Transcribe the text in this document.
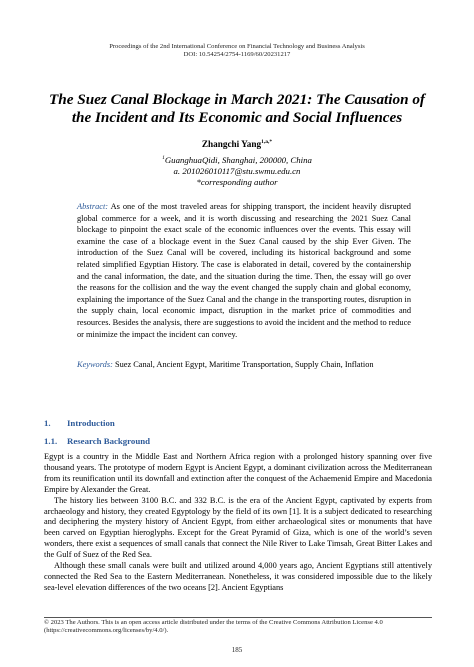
Proceedings of the 2nd International Conference on Financial Technology and Business Analysis
DOI: 10.54254/2754-1169/60/20231217
The Suez Canal Blockage in March 2021: The Causation of
the Incident and Its Economic and Social Influences
Zhangchi Yang$^{1,a,*}$
$^1$GuanghuaQidi, Shanghai, 200000, China
a. 201026010117@stu.swmu.edu.cn
*corresponding author
Abstract: As one of the most traveled areas for shipping transport, the incident heavily disrupted global commerce for a week, and it is worth discussing and researching the 2021 Suez Canal blockage to pinpoint the exact scale of the economic influences over the events. This essay will examine the case of a blockage event in the Suez Canal caused by the ship Ever Given. The introduction of the Suez Canal will be covered, including its historical background and some related simplified Egyptian History. The case is elaborated in detail, covered by the containership and the canal information, the date, and the situation during the time. Then, the essay will go over the reasons for the collision and the way the event changed the supply chain and global economy, explaining the importance of the Suez Canal and the change in the transporting routes, disruption in the supply chain, local economic impact, disruption in the market price of commodities and resources. Besides the analysis, there are suggestions to avoid the incident and the method to reduce or minimize the impact the incident can convey.
Keywords: Suez Canal, Ancient Egypt, Maritime Transportation, Supply Chain, Inflation
1. Introduction
1.1. Research Background

Egypt is a country in the Middle East and Northern Africa region with a prolonged history spanning over five thousand years. The prototype of modern Egypt is Ancient Egypt, a dominant civilization across the Mediterranean from its reunification until its downfall and extinction after the conquest of the Achaemenid Empire and Macedonia Empire by Alexander the Great.

The history lies between 3100 B.C. and 332 B.C. is the era of the Ancient Egypt, captivated by experts from archaeology and history, they created Egyptology by the field of its own [1]. It is a subject dedicated to researching and deciphering the mystery history of Ancient Egypt, from either archaeological sites or monuments that have been carved on Egyptian hieroglyphs. Except for the Great Pyramid of Giza, which is one of the world’s seven wonders, there exist a sequences of small canals that connect the Nile River to Lake Timsah, Great Bitter Lakes and the Gulf of Suez of the Red Sea.

Although these small canals were built and utilized around 4,000 years ago, Ancient Egyptians still attentively connected the Red Sea to the Eastern Mediterranean. Nonetheless, it was considered impossible due to the likely sea-level elevation differences of the two oceans [2]. Ancient Egyptians

© 2023 The Authors. This is an open access article distributed under the terms of the Creative Commons Attribution License 4.0
(https://creativecommons.org/licenses/by/4.0/).
185
